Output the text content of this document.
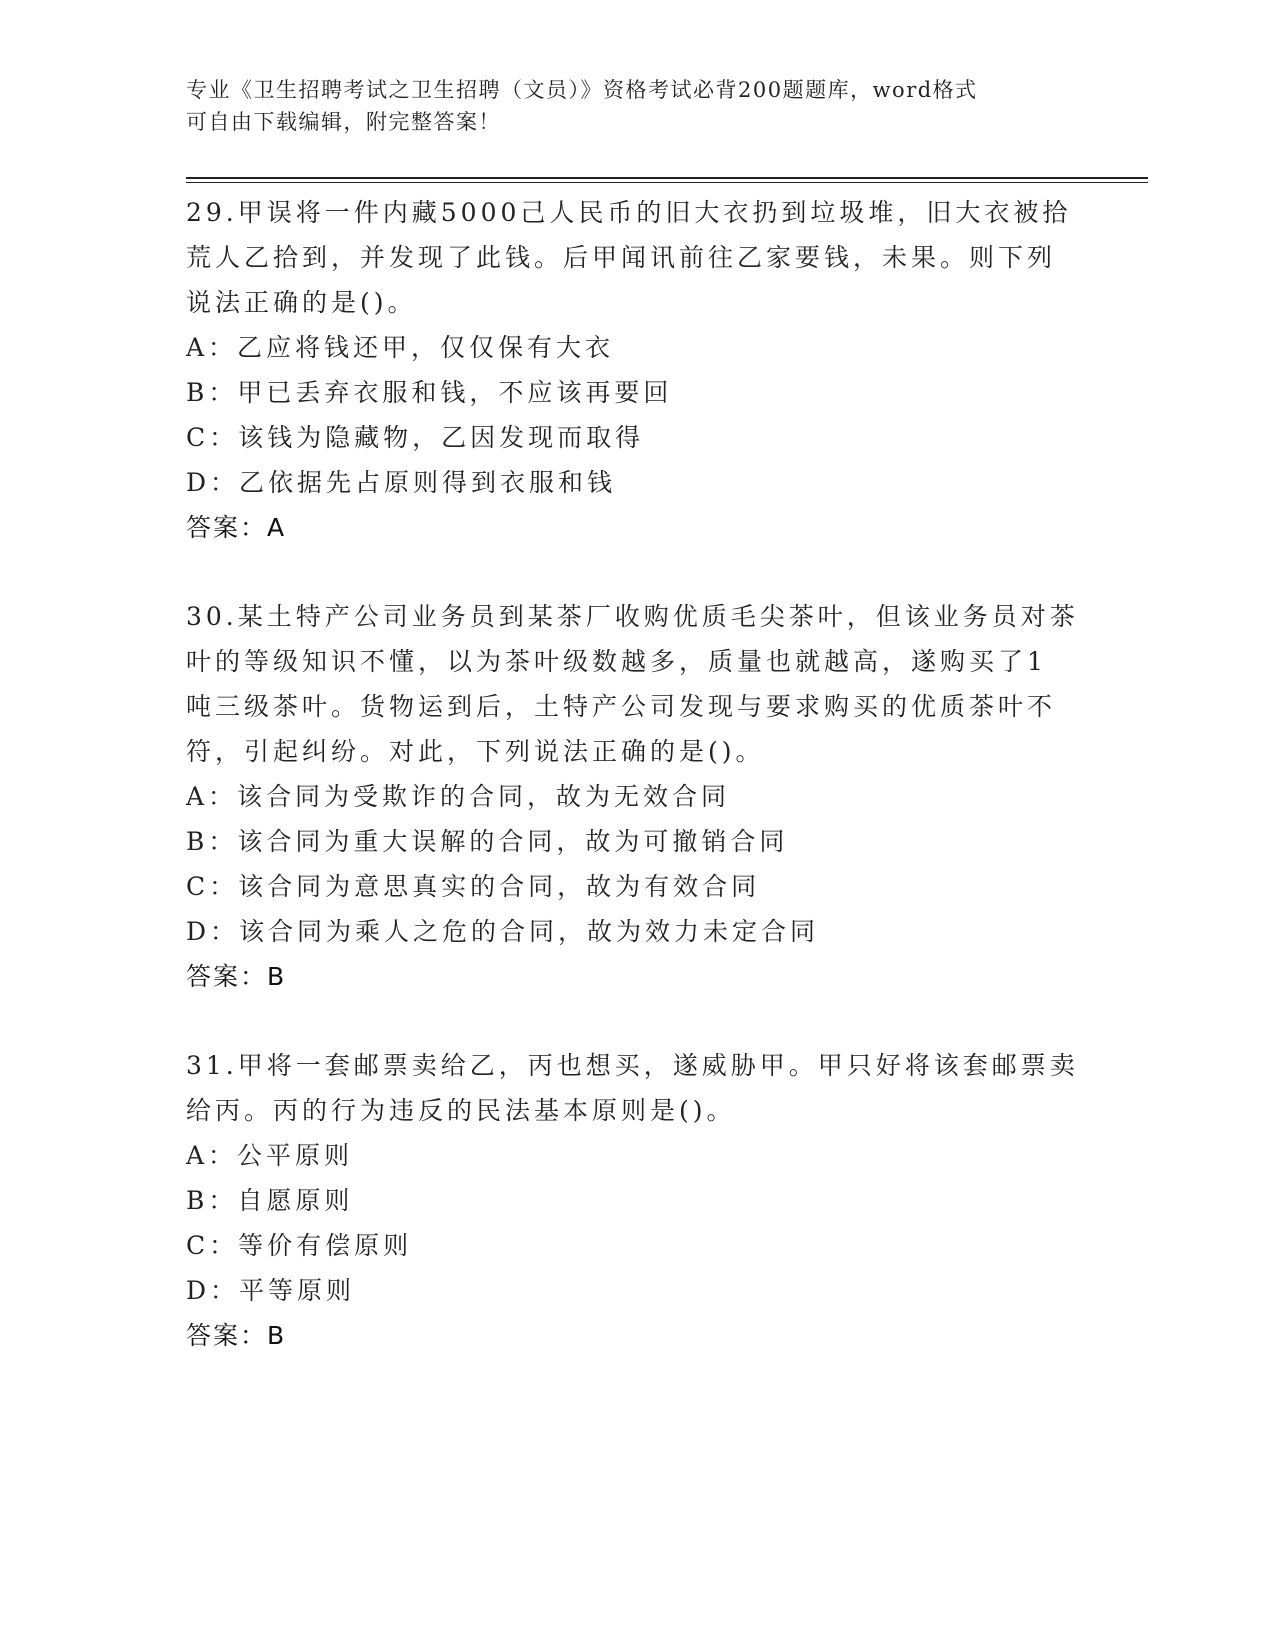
专业《卫生招聘考试之卫生招聘（文员）》资格考试必背200题题库，word格式
可自由下载编辑，附完整答案！

29.甲误将一件内藏5000己人民币的旧大衣扔到垃圾堆，旧大衣被拾

荒人乙拾到，并发现了此钱。后甲闻讯前往乙家要钱，未果。则下列

说法正确的是()。

A：乙应将钱还甲，仅仅保有大衣

B：甲已丢弃衣服和钱，不应该再要回

C：该钱为隐藏物，乙因发现而取得

D：乙依据先占原则得到衣服和钱

答案：A

30.某土特产公司业务员到某茶厂收购优质毛尖茶叶，但该业务员对茶

叶的等级知识不懂，以为茶叶级数越多，质量也就越高，遂购买了1

吨三级茶叶。货物运到后，土特产公司发现与要求购买的优质茶叶不

符，引起纠纷。对此，下列说法正确的是()。

A：该合同为受欺诈的合同，故为无效合同

B：该合同为重大误解的合同，故为可撤销合同

C：该合同为意思真实的合同，故为有效合同

D：该合同为乘人之危的合同，故为效力未定合同

答案：B

31.甲将一套邮票卖给乙，丙也想买，遂威胁甲。甲只好将该套邮票卖

给丙。丙的行为违反的民法基本原则是()。

A：公平原则

B：自愿原则

C：等价有偿原则

D：平等原则

答案：B
